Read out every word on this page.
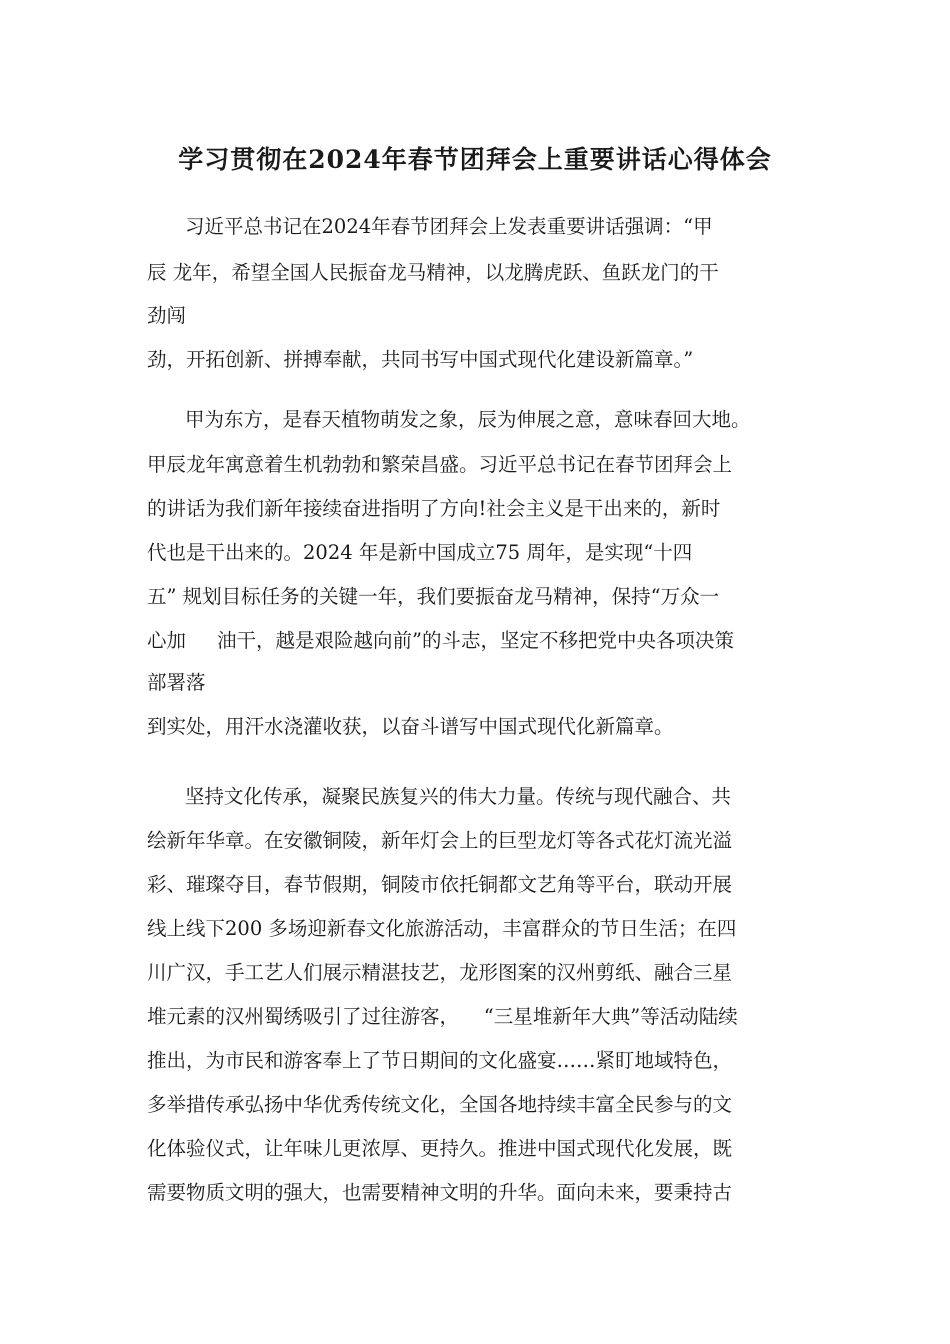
学习贯彻在2024年春节团拜会上重要讲话心得体会
习近平总书记在2024年春节团拜会上发表重要讲话强调：“甲
辰 龙年，希望全国人民振奋龙马精神，以龙腾虎跃、鱼跃龙门的干
劲闯
劲，开拓创新、拼搏奉献，共同书写中国式现代化建设新篇章。”
甲为东方，是春天植物萌发之象，辰为伸展之意，意味春回大地。
甲辰龙年寓意着生机勃勃和繁荣昌盛。习近平总书记在春节团拜会上
的讲话为我们新年接续奋进指明了方向!社会主义是干出来的，新时
代也是干出来的。2024 年是新中国成立75 周年，是实现“十四
五” 规划目标任务的关键一年，我们要振奋龙马精神，保持“万众一
心加     油干，越是艰险越向前”的斗志，坚定不移把党中央各项决策
部署落
到实处，用汗水浇灌收获，以奋斗谱写中国式现代化新篇章。
坚持文化传承，凝聚民族复兴的伟大力量。传统与现代融合、共
绘新年华章。在安徽铜陵，新年灯会上的巨型龙灯等各式花灯流光溢
彩、璀璨夺目，春节假期，铜陵市依托铜都文艺角等平台，联动开展
线上线下200 多场迎新春文化旅游活动，丰富群众的节日生活；在四
川广汉，手工艺人们展示精湛技艺，龙形图案的汉州剪纸、融合三星
堆元素的汉州蜀绣吸引了过往游客，    “三星堆新年大典”等活动陆续
推出，为市民和游客奉上了节日期间的文化盛宴……紧盯地域特色，
多举措传承弘扬中华优秀传统文化，全国各地持续丰富全民参与的文
化体验仪式，让年味儿更浓厚、更持久。推进中国式现代化发展，既
需要物质文明的强大，也需要精神文明的升华。面向未来，要秉持古
